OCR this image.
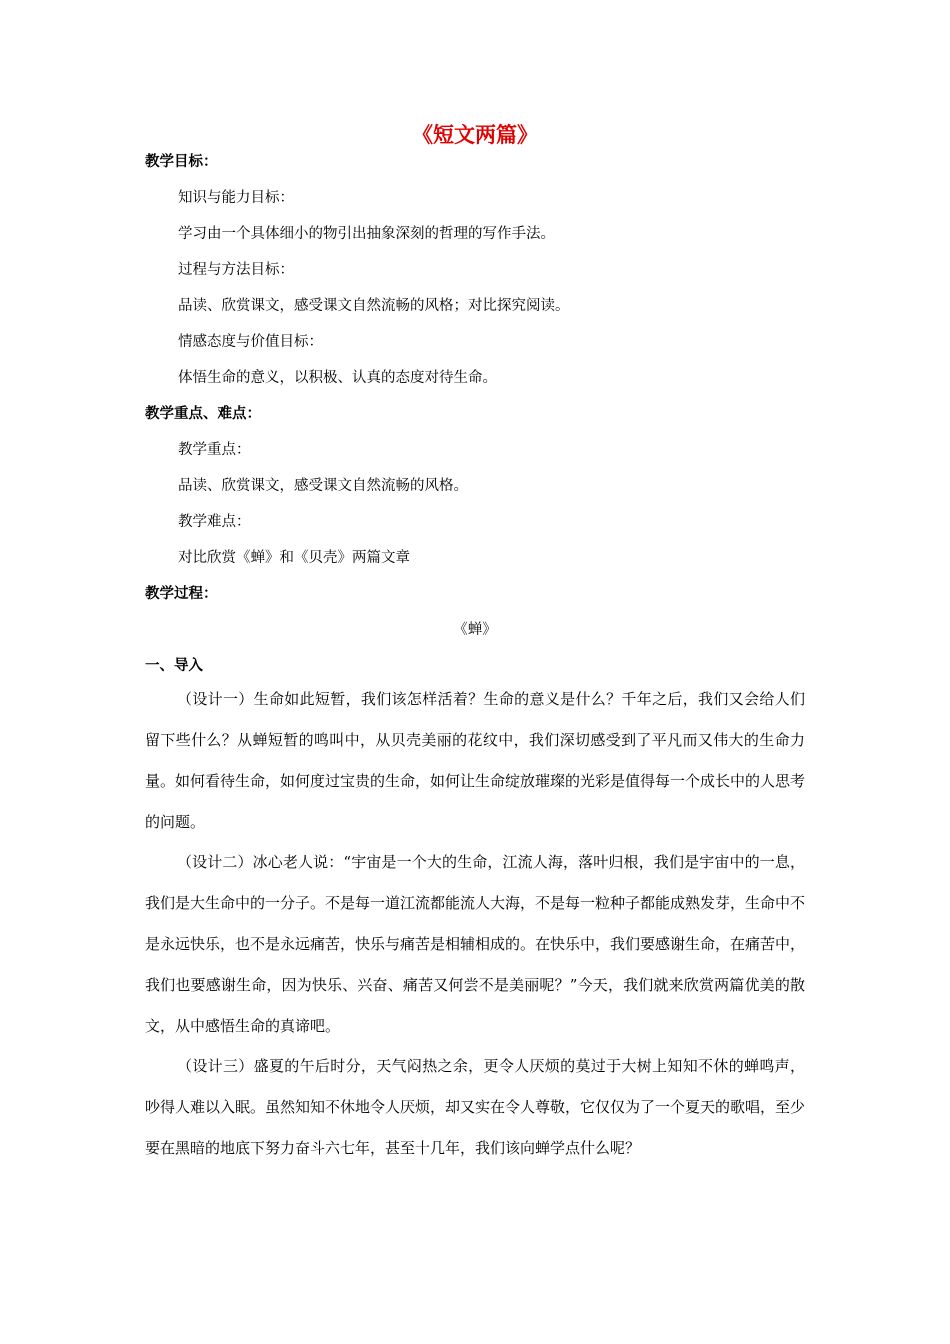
《短文两篇》
教学目标：
知识与能力目标：
学习由一个具体细小的物引出抽象深刻的哲理的写作手法。
过程与方法目标：
品读、欣赏课文，感受课文自然流畅的风格；对比探究阅读。
情感态度与价值目标：
体悟生命的意义，以积极、认真的态度对待生命。
教学重点、难点：
教学重点：
品读、欣赏课文，感受课文自然流畅的风格。
教学难点：
对比欣赏《蝉》和《贝壳》两篇文章
教学过程：
《蝉》
一、导入
（设计一）生命如此短暂，我们该怎样活着？生命的意义是什么？千年之后，我们又会给人们留下些什么？从蝉短暂的鸣叫中，从贝壳美丽的花纹中，我们深切感受到了平凡而又伟大的生命力量。如何看待生命，如何度过宝贵的生命，如何让生命绽放璀璨的光彩是值得每一个成长中的人思考的问题。
（设计二）冰心老人说：“宇宙是一个大的生命，江流人海，落叶归根，我们是宇宙中的一息，我们是大生命中的一分子。不是每一道江流都能流人大海，不是每一粒种子都能成熟发芽，生命中不是永远快乐，也不是永远痛苦，快乐与痛苦是相辅相成的。在快乐中，我们要感谢生命，在痛苦中，我们也要感谢生命，因为快乐、兴奋、痛苦又何尝不是美丽呢？”今天，我们就来欣赏两篇优美的散文，从中感悟生命的真谛吧。
（设计三）盛夏的午后时分，天气闷热之余，更令人厌烦的莫过于大树上知知不休的蝉鸣声，吵得人难以入眠。虽然知知不休地令人厌烦，却又实在令人尊敬，它仅仅为了一个夏天的歌唱，至少要在黑暗的地底下努力奋斗六七年，甚至十几年，我们该向蝉学点什么呢？
